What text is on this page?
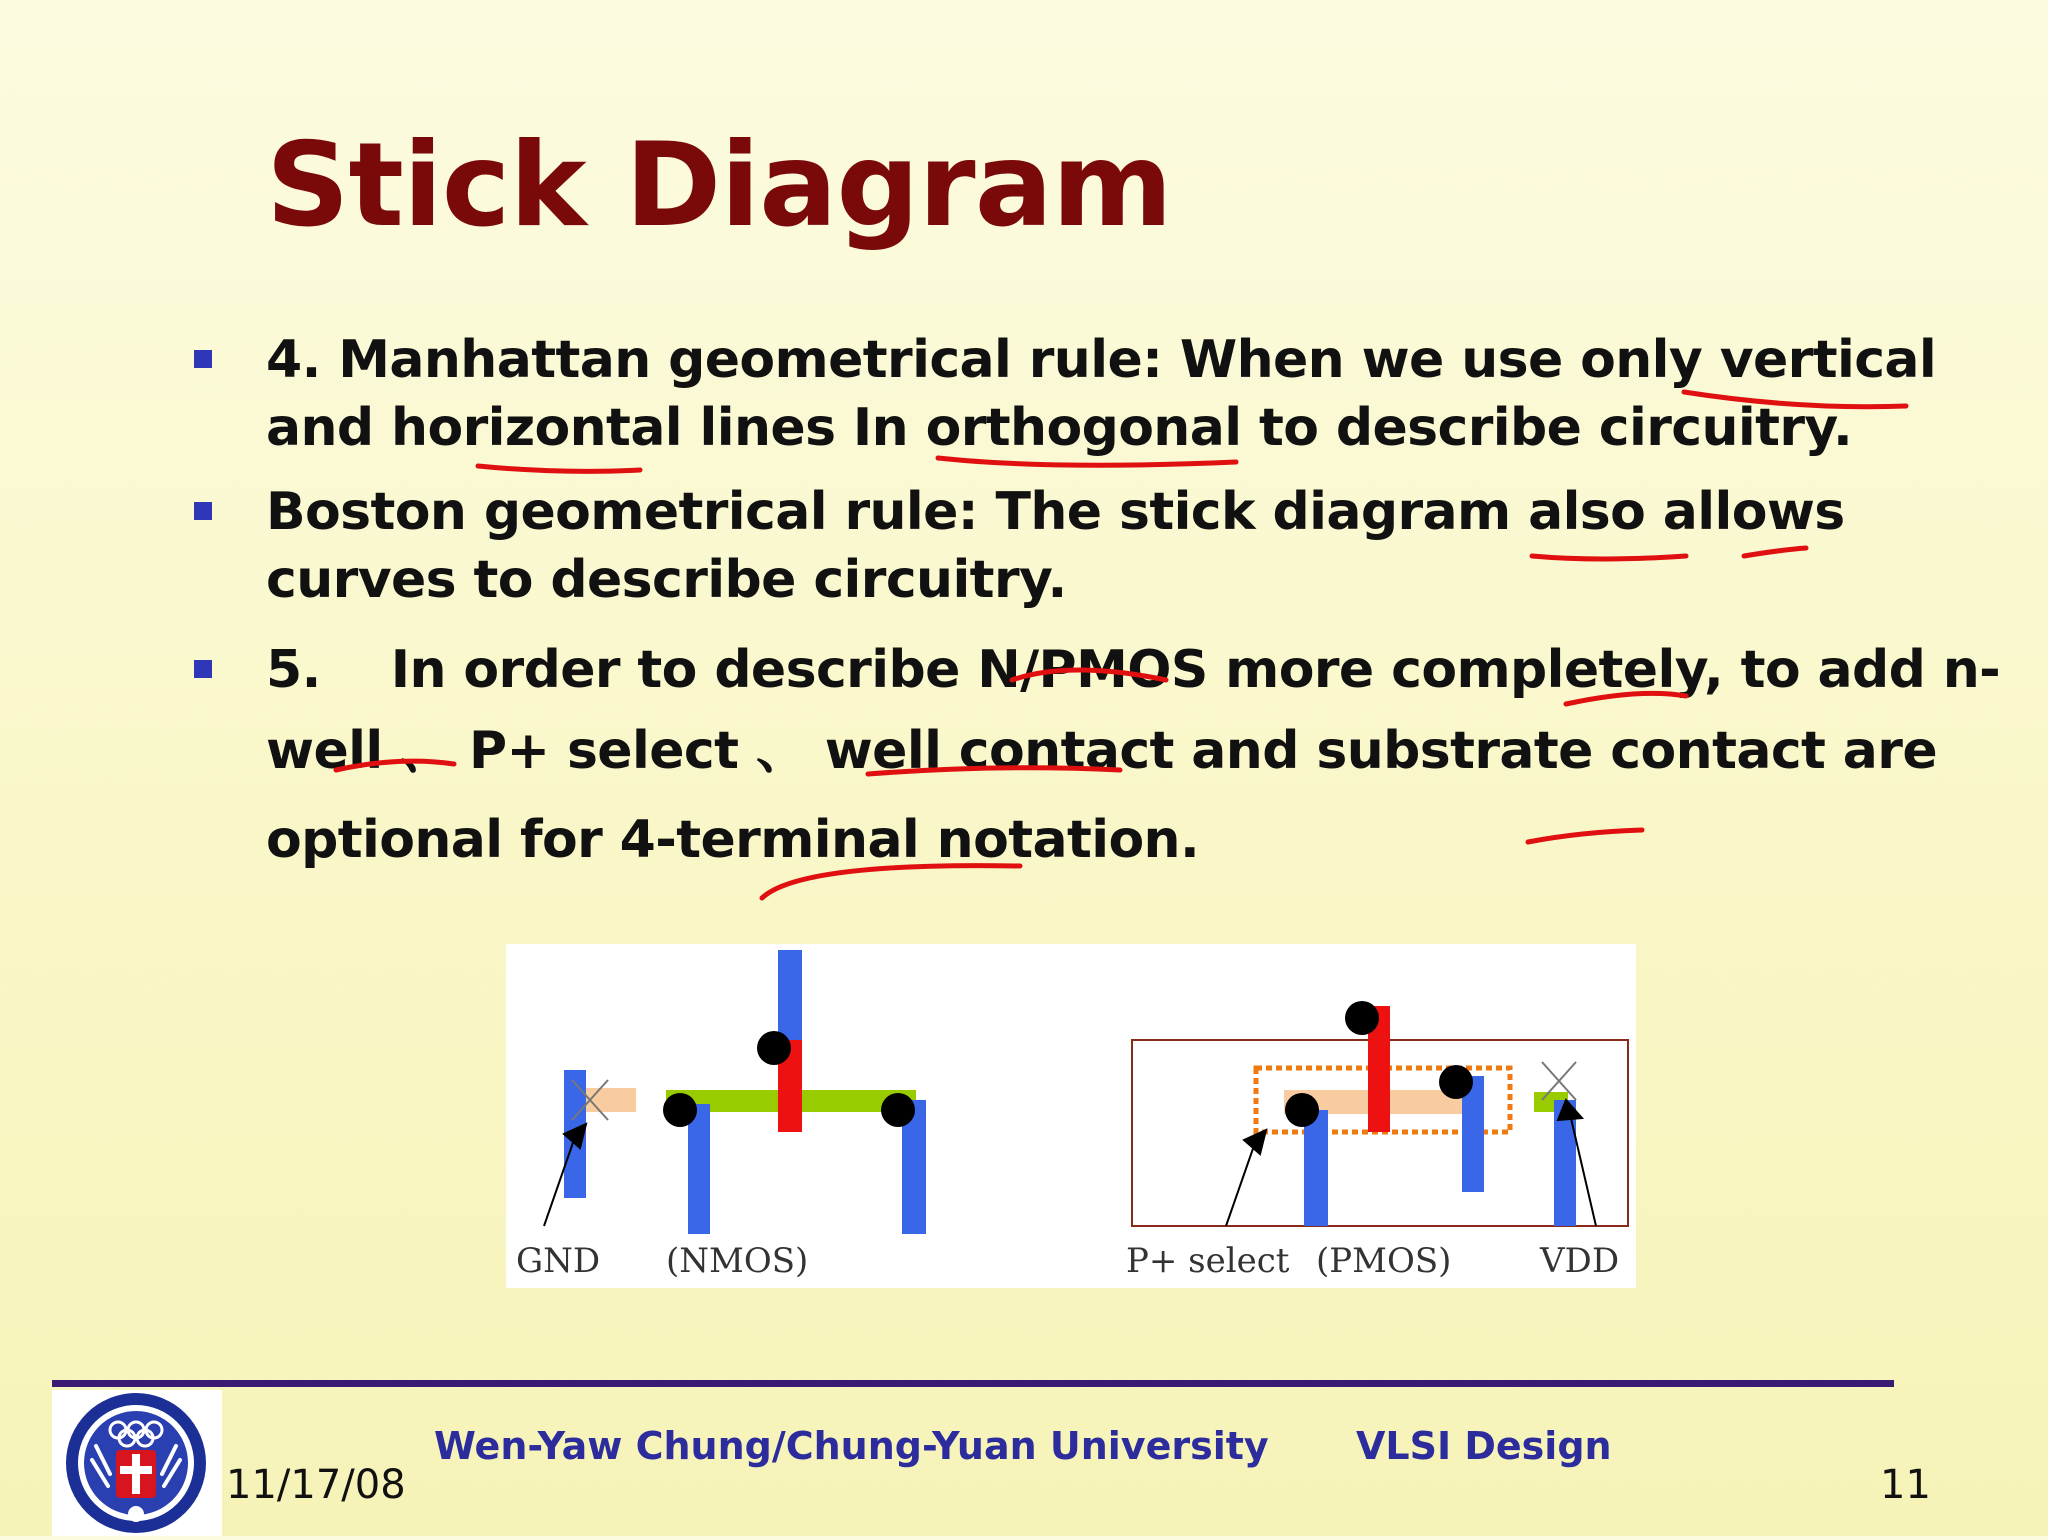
Stick Diagram
4. Manhattan geometrical rule: When we use only vertical
and horizontal lines In orthogonal to describe circuitry.
Boston geometrical rule: The stick diagram also allows
curves to describe circuitry.
5.    In order to describe N/PMOS more completely, to add n-
well 、 P+ select 、 well contact and substrate contact are
optional for 4-terminal notation.
GND (NMOS)	P+ select (PMOS)	VDD
Wen-Yaw Chung/Chung-Yuan University VLSI Design
11/17/08	11
